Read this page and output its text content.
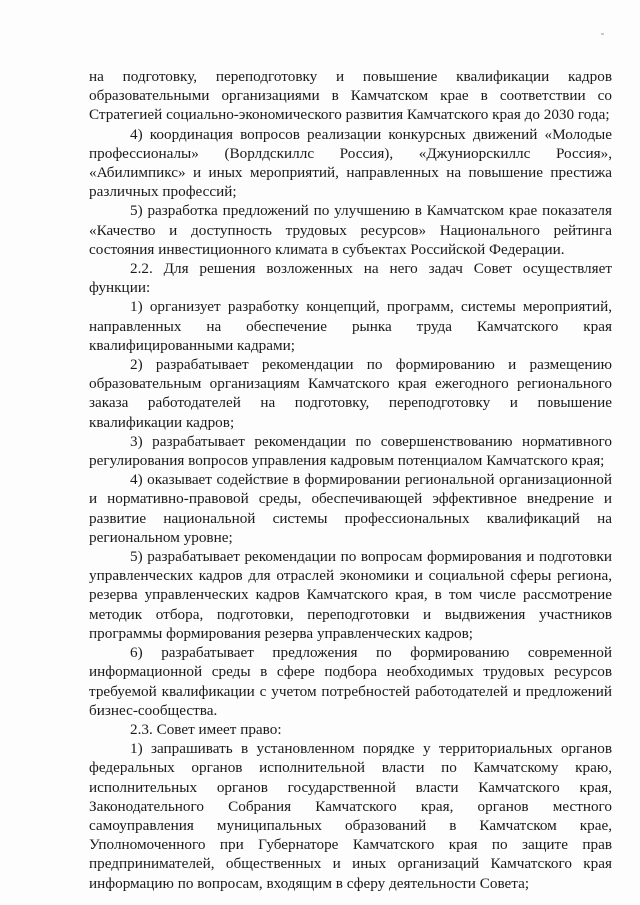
на подготовку, переподготовку и повышение квалификации кадров образовательными организациями в Камчатском крае в соответствии со Стратегией социально-экономического развития Камчатского края до 2030 года;

4) координация вопросов реализации конкурсных движений «Молодые профессионалы» (Ворлдскиллс Россия), «Джуниорскиллс Россия», «Абилимпикс» и иных мероприятий, направленных на повышение престижа различных профессий;

5) разработка предложений по улучшению в Камчатском крае показателя «Качество и доступность трудовых ресурсов» Национального рейтинга состояния инвестиционного климата в субъектах Российской Федерации.

2.2. Для решения возложенных на него задач Совет осуществляет функции:

1) организует разработку концепций, программ, системы мероприятий, направленных на обеспечение рынка труда Камчатского края квалифицированными кадрами;

2) разрабатывает рекомендации по формированию и размещению образовательным организациям Камчатского края ежегодного регионального заказа работодателей на подготовку, переподготовку и повышение квалификации кадров;

3) разрабатывает рекомендации по совершенствованию нормативного регулирования вопросов управления кадровым потенциалом Камчатского края;

4) оказывает содействие в формировании региональной организационной и нормативно-правовой среды, обеспечивающей эффективное внедрение и развитие национальной системы профессиональных квалификаций на региональном уровне;

5) разрабатывает рекомендации по вопросам формирования и подготовки управленческих кадров для отраслей экономики и социальной сферы региона, резерва управленческих кадров Камчатского края, в том числе рассмотрение методик отбора, подготовки, переподготовки и выдвижения участников программы формирования резерва управленческих кадров;

6) разрабатывает предложения по формированию современной информационной среды в сфере подбора необходимых трудовых ресурсов требуемой квалификации с учетом потребностей работодателей и предложений бизнес-сообщества.

2.3. Совет имеет право:

1) запрашивать в установленном порядке у территориальных органов федеральных органов исполнительной власти по Камчатскому краю, исполнительных органов государственной власти Камчатского края, Законодательного Собрания Камчатского края, органов местного самоуправления муниципальных образований в Камчатском крае, Уполномоченного при Губернаторе Камчатского края по защите прав предпринимателей, общественных и иных организаций Камчатского края информацию по вопросам, входящим в сферу деятельности Совета;
